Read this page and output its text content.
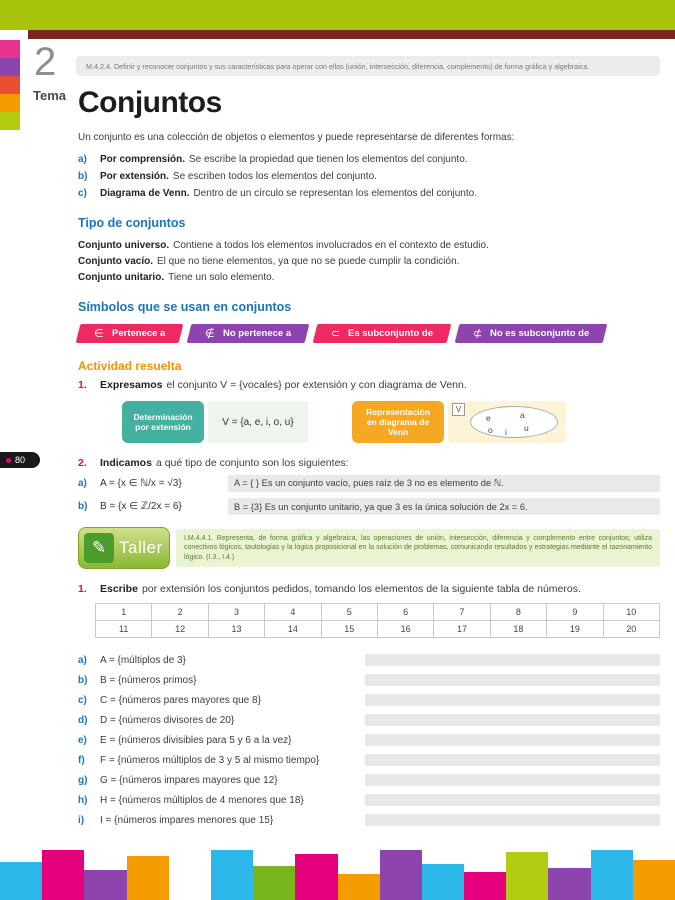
2
Tema
M.4.2.4. Definir y reconocer conjuntos y sus características para operar con ellos (unión, intersección, diferencia, complemento) de forma gráfica y algebraica.
80
Conjuntos

Un conjunto es una colección de objetos o elementos y puede representarse de diferentes formas:

a)	Por comprensión. Se escribe la propiedad que tienen los elementos del conjunto.
b)	Por extensión. Se escriben todos los elementos del conjunto.
c)	Diagrama de Venn. Dentro de un círculo se representan los elementos del conjunto.
Tipo de conjuntos
Conjunto universo. Contiene a todos los elementos involucrados en el contexto de estudio.
Conjunto vacío. El que no tiene elementos, ya que no se puede cumplir la condición.
Conjunto unitario. Tiene un solo elemento.
Símbolos que se usan en conjuntos
∈ Pertenece a	∉ No pertenece a	⊂ Es subconjunto de	⊄ No es subconjunto de
Actividad resuelta
1.	Expresamos el conjunto V = {vocales} por extensión y con diagrama de Venn.
Determinación por extensión	V = {a, e, i, o, u}
Representación en diagrama de Venn
V
e	a
o i u
2.	Indicamos a qué tipo de conjunto son los siguientes:
a)	A = {x ∈ ℕ/x = √3}	A = { } Es un conjunto vacío, pues raíz de 3 no es elemento de ℕ.
b)	B = {x ∈ ℤ/2x = 6}	B = {3} Es un conjunto unitario, ya que 3 es la única solución de 2x = 6.
✎ Taller	I.M.4.4.1. Representa, de forma gráfica y algebraica, las operaciones de unión, intersección, diferencia y complemento entre conjuntos; utiliza conectivos lógicos, tautologías y la lógica proposicional en la solución de problemas, comunicando resultados y estrategias mediante el razonamiento lógico. (I.3., I.4.)
1.	Escribe por extensión los conjuntos pedidos, tomando los elementos de la siguiente tabla de números.
1	2	3	4	5	6	7	8	9	10
11	12	13	14	15	16	17	18	19	20
a)	A = {múltiplos de 3}
b)	B = {números primos}
c)	C = {números pares mayores que 8}
d)	D = {números divisores de 20}
e)	E = {números divisibles para 5 y 6 a la vez}
f)	F = {números múltiplos de 3 y 5 al mismo tiempo}
g)	G = {números impares mayores que 12}
h)	H = {números múltiplos de 4 menores que 18}
i)	I = {números impares menores que 15}
